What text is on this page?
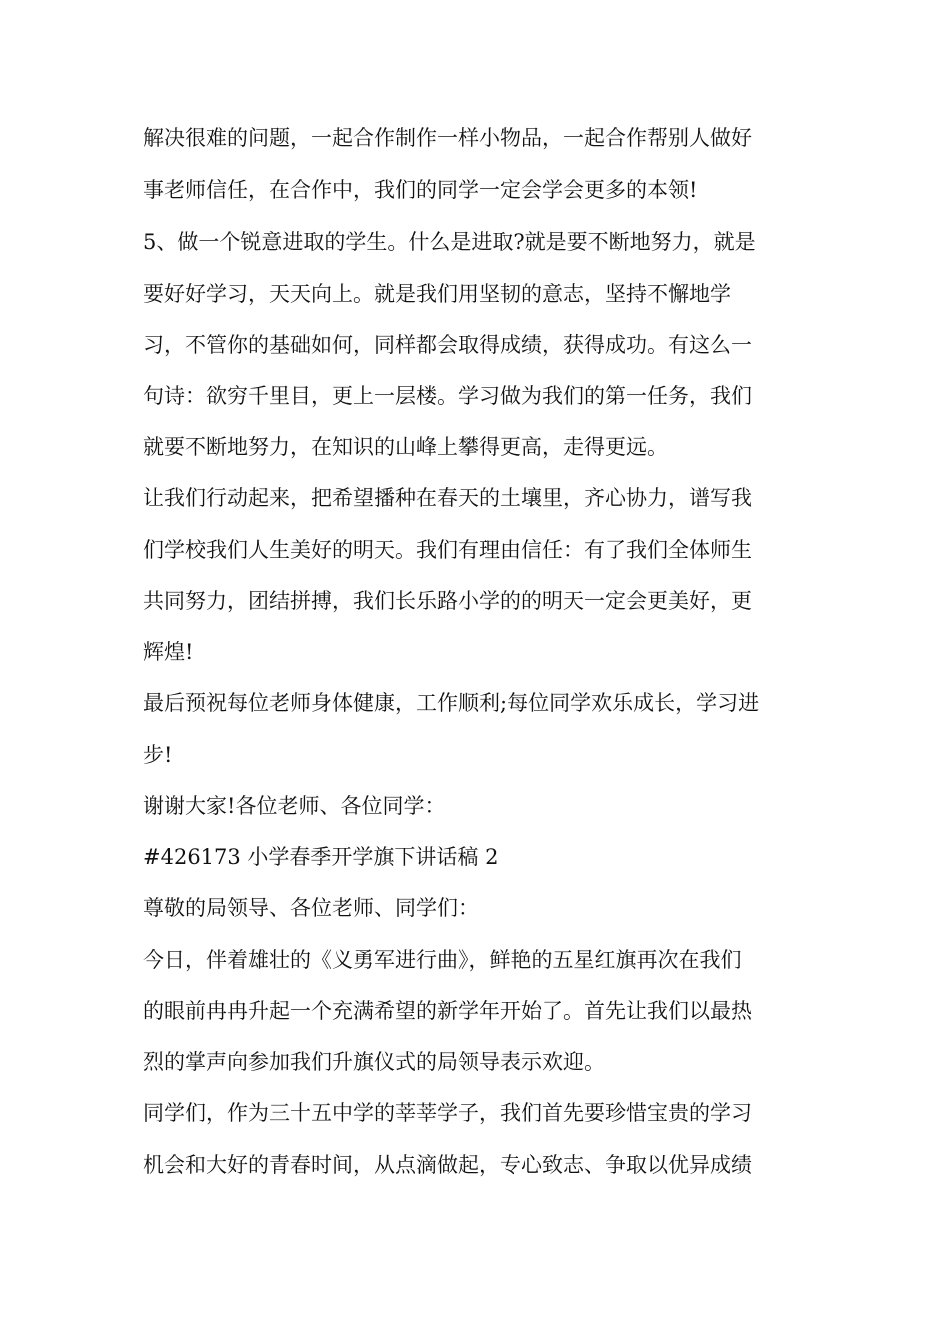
解决很难的问题，一起合作制作一样小物品，一起合作帮别人做好
事老师信任，在合作中，我们的同学一定会学会更多的本领!
5、做一个锐意进取的学生。什么是进取?就是要不断地努力，就是
要好好学习，天天向上。就是我们用坚韧的意志，坚持不懈地学
习，不管你的基础如何，同样都会取得成绩，获得成功。有这么一
句诗：欲穷千里目，更上一层楼。学习做为我们的第一任务，我们
就要不断地努力，在知识的山峰上攀得更高，走得更远。
让我们行动起来，把希望播种在春天的土壤里，齐心协力，谱写我
们学校我们人生美好的明天。我们有理由信任：有了我们全体师生
共同努力，团结拼搏，我们长乐路小学的的明天一定会更美好，更
辉煌!
最后预祝每位老师身体健康，工作顺利;每位同学欢乐成长，学习进
步!
谢谢大家!各位老师、各位同学：
#426173 小学春季开学旗下讲话稿 2
尊敬的局领导、各位老师、同学们：
今日，伴着雄壮的《义勇军进行曲》，鲜艳的五星红旗再次在我们
的眼前冉冉升起一个充满希望的新学年开始了。首先让我们以最热
烈的掌声向参加我们升旗仪式的局领导表示欢迎。
同学们，作为三十五中学的莘莘学子，我们首先要珍惜宝贵的学习
机会和大好的青春时间，从点滴做起，专心致志、争取以优异成绩
